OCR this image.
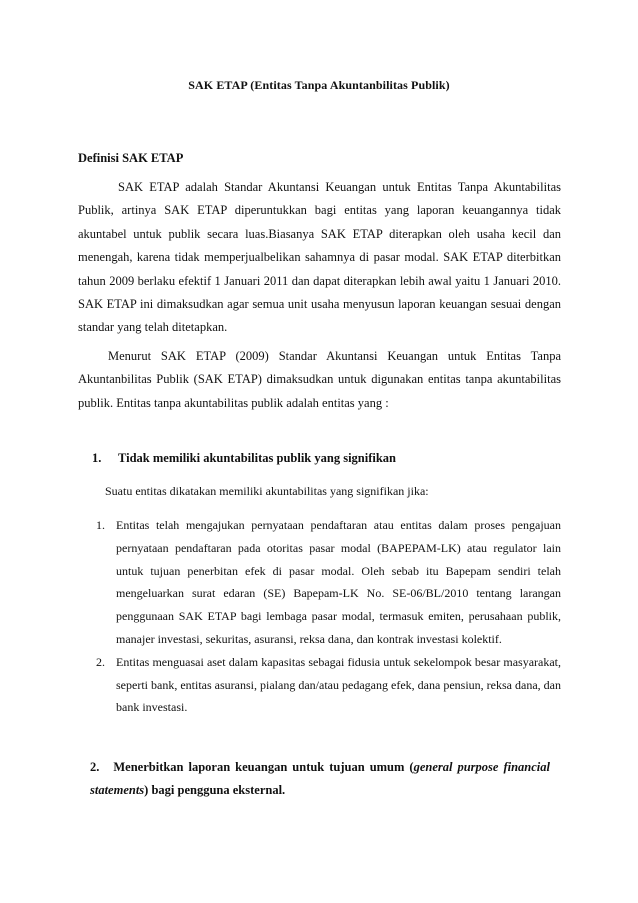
SAK ETAP (Entitas Tanpa Akuntanbilitas Publik)
Definisi SAK ETAP

SAK ETAP adalah Standar Akuntansi Keuangan untuk Entitas Tanpa Akuntabilitas Publik, artinya SAK ETAP diperuntukkan bagi entitas yang laporan keuangannya tidak akuntabel untuk publik secara luas.Biasanya SAK ETAP diterapkan oleh usaha kecil dan menengah, karena tidak memperjualbelikan sahamnya di pasar modal. SAK ETAP diterbitkan tahun 2009 berlaku efektif 1 Januari 2011 dan dapat diterapkan lebih awal yaitu 1 Januari 2010. SAK ETAP ini dimaksudkan agar semua unit usaha menyusun laporan keuangan sesuai dengan standar yang telah ditetapkan.

Menurut SAK ETAP (2009) Standar Akuntansi Keuangan untuk Entitas Tanpa Akuntanbilitas Publik (SAK ETAP) dimaksudkan untuk digunakan entitas tanpa akuntabilitas publik. Entitas tanpa akuntabilitas publik adalah entitas yang :

1. Tidak memiliki akuntabilitas publik yang signifikan
Suatu entitas dikatakan memiliki akuntabilitas yang signifikan jika:
1. Entitas telah mengajukan pernyataan pendaftaran atau entitas dalam proses pengajuan pernyataan pendaftaran pada otoritas pasar modal (BAPEPAM-LK) atau regulator lain untuk tujuan penerbitan efek di pasar modal. Oleh sebab itu Bapepam sendiri telah mengeluarkan surat edaran (SE) Bapepam-LK No. SE-06/BL/2010 tentang larangan penggunaan SAK ETAP bagi lembaga pasar modal, termasuk emiten, perusahaan publik, manajer investasi, sekuritas, asuransi, reksa dana, dan kontrak investasi kolektif.
2. Entitas menguasai aset dalam kapasitas sebagai fidusia untuk sekelompok besar masyarakat, seperti bank, entitas asuransi, pialang dan/atau pedagang efek, dana pensiun, reksa dana, dan bank investasi.
2. Menerbitkan laporan keuangan untuk tujuan umum (general purpose financial statements) bagi pengguna eksternal.
